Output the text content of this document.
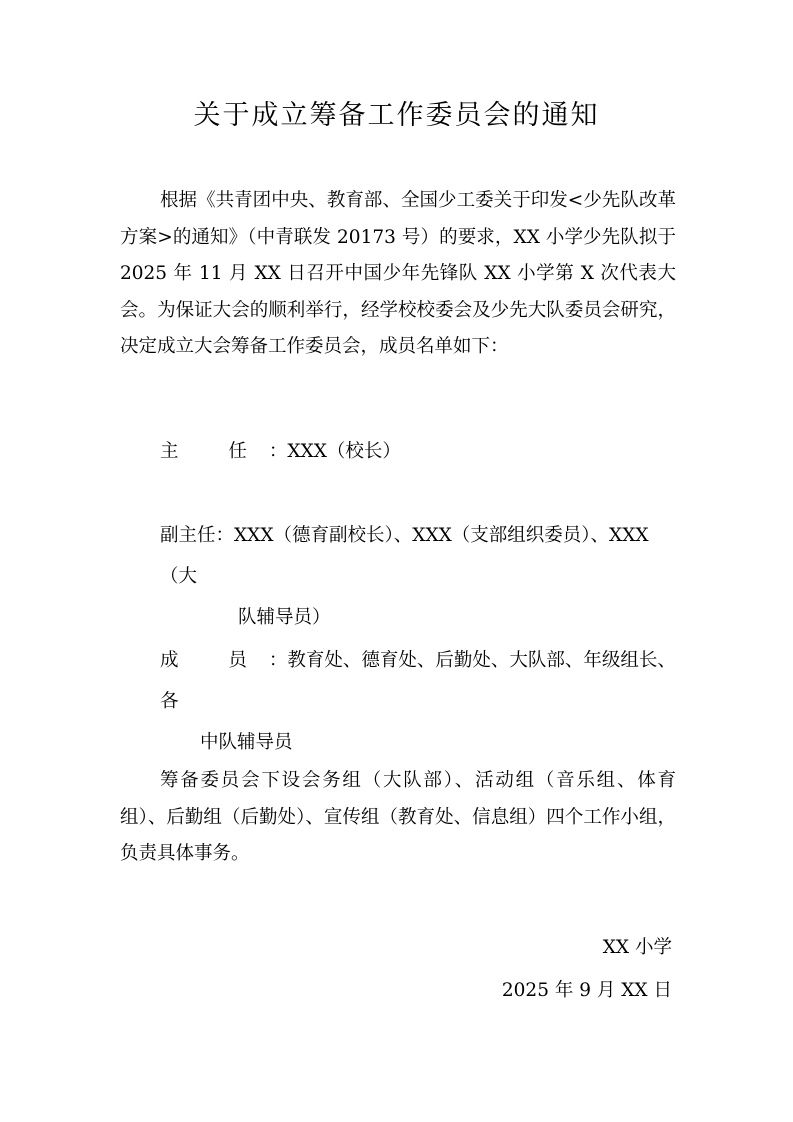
关于成立筹备工作委员会的通知

根据《共青团中央、教育部、全国少工委关于印发<少先队改革方案>的通知》（中青联发 20173 号）的要求，XX 小学少先队拟于 2025 年 11 月 XX 日召开中国少年先锋队 XX 小学第 X 次代表大会。为保证大会的顺利举行，经学校校委会及少先大队委员会研究，决定成立大会筹备工作委员会，成员名单如下：

主 任：XXX（校长）
副主任：XXX（德育副校长）、XXX（支部组织委员）、XXX（大
队辅导员）
成 员：教育处、德育处、后勤处、大队部、年级组长、各
中队辅导员

筹备委员会下设会务组（大队部）、活动组（音乐组、体育组）、后勤组（后勤处）、宣传组（教育处、信息组）四个工作小组，负责具体事务。

XX 小学

2025 年 9 月 XX 日
